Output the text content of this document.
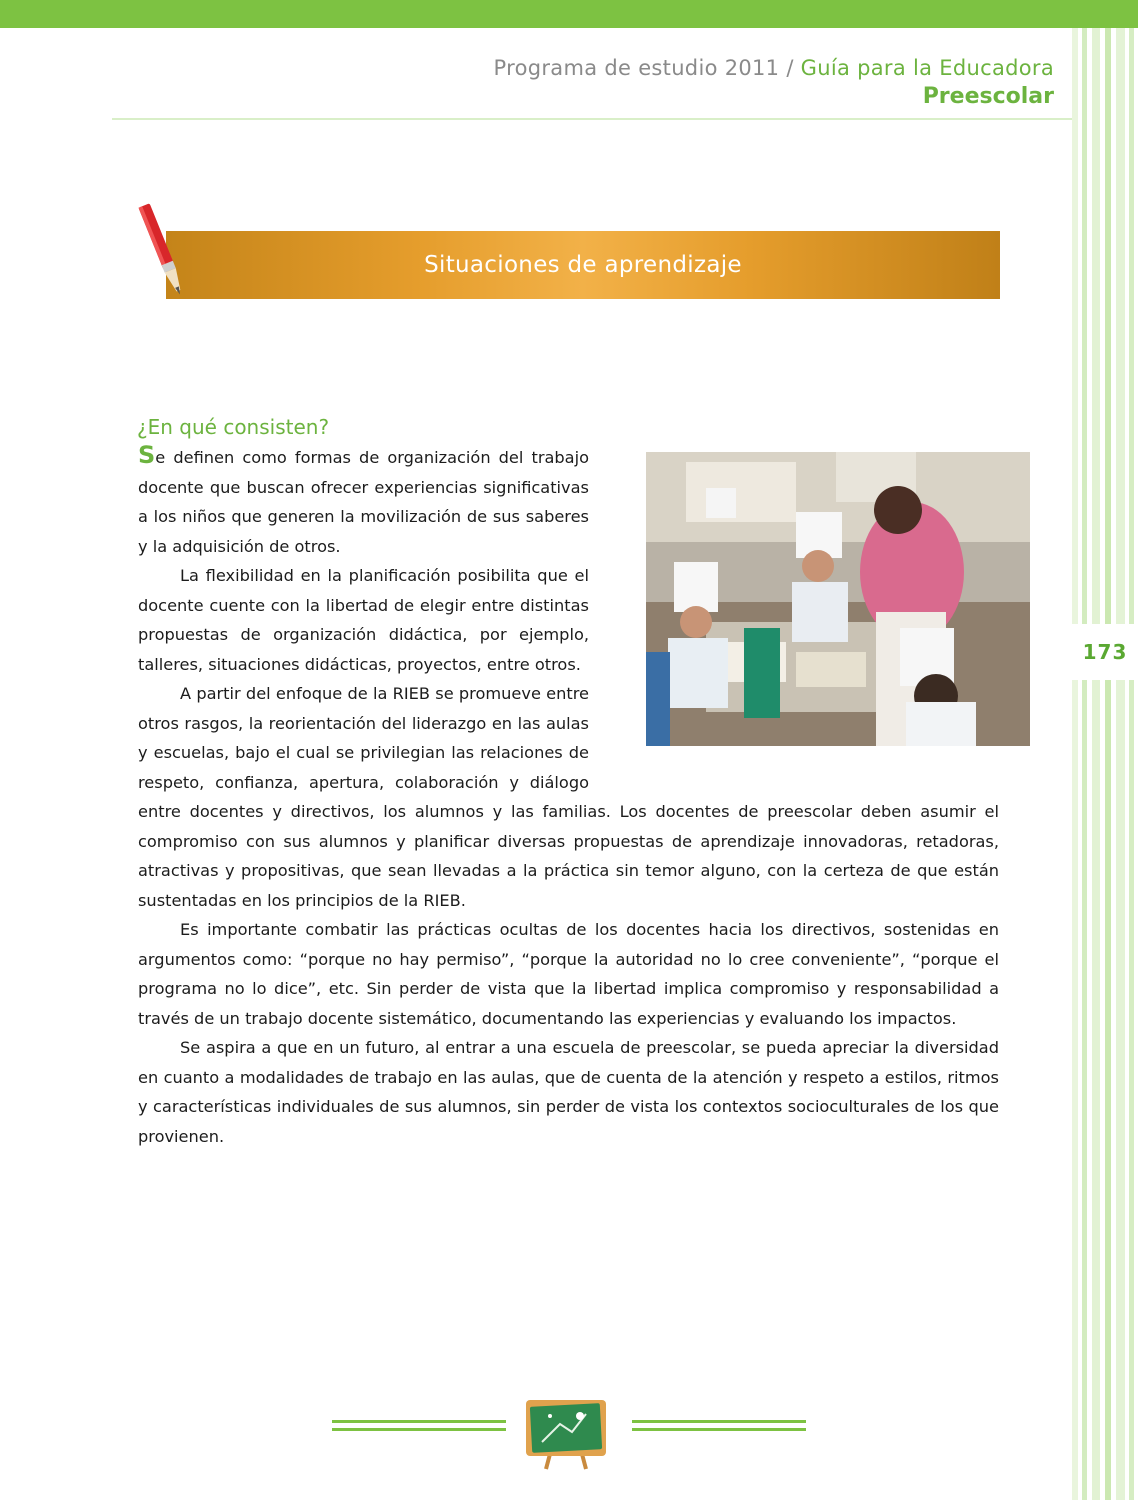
Programa de estudio 2011 / Guía para la Educadora
Preescolar
173
Situaciones de aprendizaje
¿En qué consisten?

Se definen como formas de organización del trabajo docente que buscan ofrecer experiencias significativas a los niños que generen la movilización de sus saberes y la adquisición de otros.

La flexibilidad en la planificación posibilita que el docente cuente con la libertad de elegir entre distintas propuestas de organización didáctica, por ejemplo, talleres, situaciones didácticas, proyectos, entre otros.

A partir del enfoque de la RIEB se promueve entre otros rasgos, la reorientación del liderazgo en las aulas y escuelas, bajo el cual se privilegian las relaciones de respeto, confianza, apertura, colaboración y diálogo entre docentes y directivos, los alumnos y las familias. Los docentes de preescolar deben asumir el compromiso con sus alumnos y planificar diversas propuestas de aprendizaje innovadoras, retadoras, atractivas y propositivas, que sean llevadas a la práctica sin temor alguno, con la certeza de que están sustentadas en los principios de la RIEB.

Es importante combatir las prácticas ocultas de los docentes hacia los directivos, sostenidas en argumentos como: “porque no hay permiso”, “porque la autoridad no lo cree conveniente”, “porque el programa no lo dice”, etc. Sin perder de vista que la libertad implica compromiso y responsabilidad a través de un trabajo docente sistemático, documentando las experiencias y evaluando los impactos.

Se aspira a que en un futuro, al entrar a una escuela de preescolar, se pueda apreciar la diversidad en cuanto a modalidades de trabajo en las aulas, que de cuenta de la atención y respeto a estilos, ritmos y características individuales de sus alumnos, sin perder de vista los contextos socioculturales de los que provienen.
